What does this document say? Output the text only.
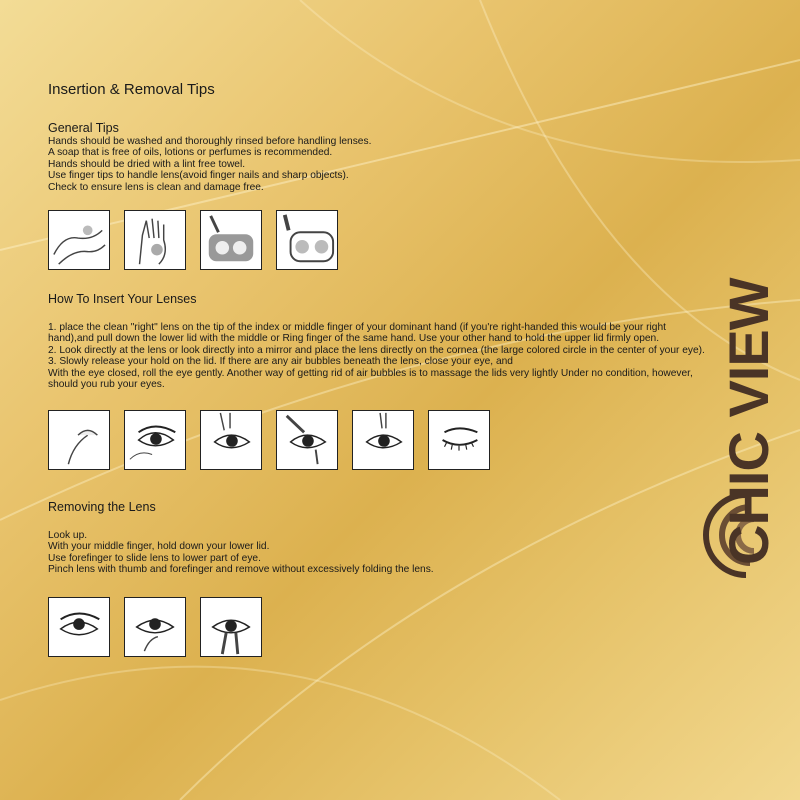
Insertion & Removal Tips
General Tips
Hands should be washed and thoroughly rinsed before handling lenses.
A soap that is free of oils, lotions or perfumes is recommended.
Hands should be dried with a lint free towel.
Use finger tips to handle lens(avoid finger nails and sharp objects).
Check to ensure lens is clean and damage free.
How To Insert Your Lenses
1. place the clean "right" lens on the tip of the index or middle finger of your dominant hand (if you're right-handed this would be your right hand),and pull down the lower lid with the middle or Ring finger of the same hand. Use your other hand to hold the upper lid firmly open.
2. Look directly at the lens or look directly into a mirror and place the lens directly on the cornea (the large colored circle in the center of your eye).
3. Slowly release your hold on the lid. If there are any air bubbles beneath the lens, close your eye, and
With the eye closed, roll the eye gently. Another way of getting rid of air bubbles is to massage the lids very lightly Under no condition, however, should you rub your eyes.
Removing the Lens
Look up.
With your middle finger, hold down your lower lid.
Use forefinger to slide lens to lower part of eye.
Pinch lens with thumb and forefinger and remove without excessively folding the lens.
CHIC VIEW
